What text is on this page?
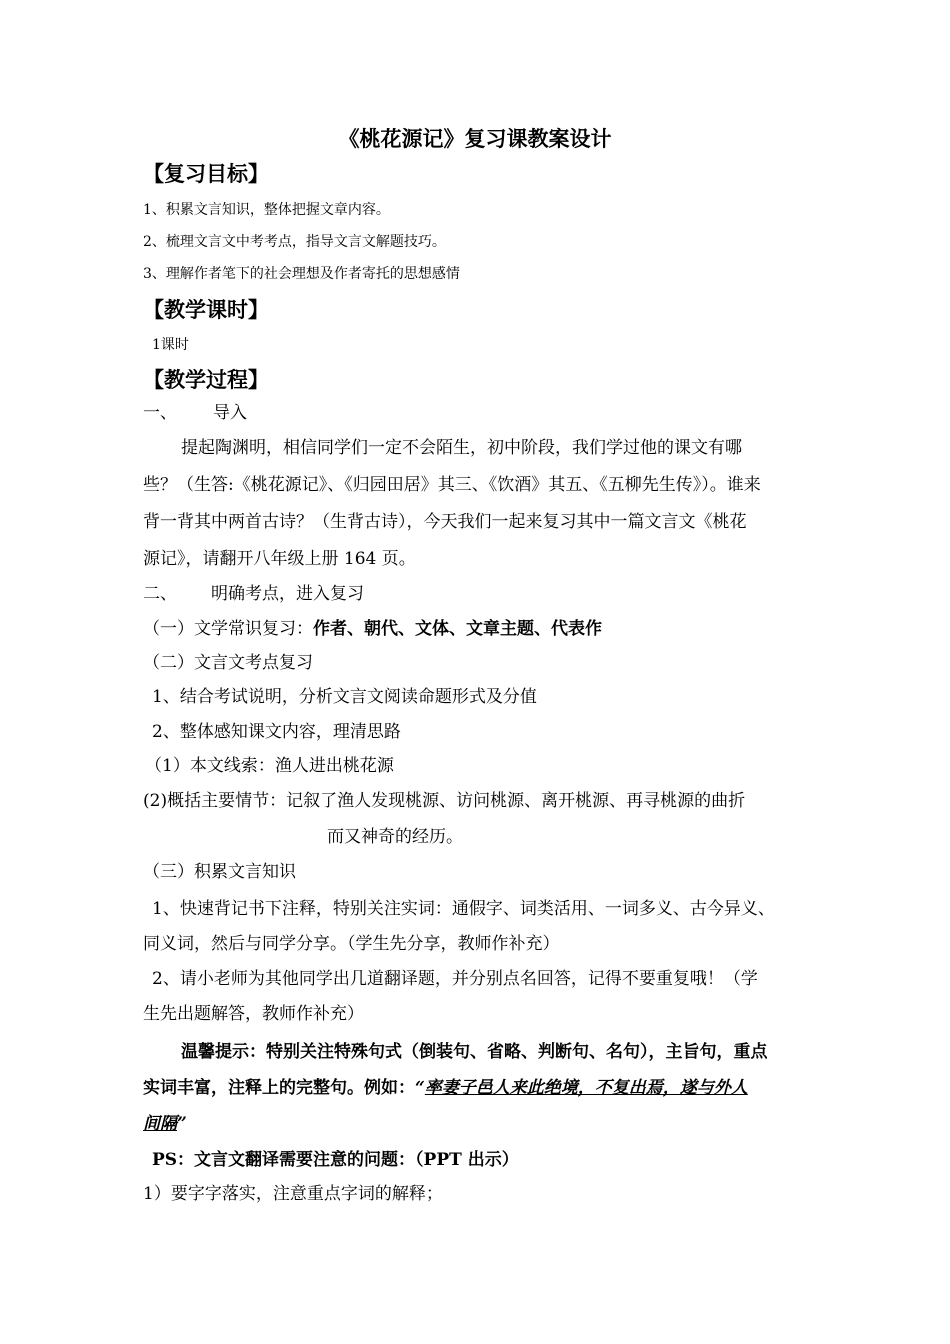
《桃花源记》复习课教案设计
【复习目标】
1、积累文言知识，整体把握文章内容。
2、梳理文言文中考考点，指导文言文解题技巧。
3、理解作者笔下的社会理想及作者寄托的思想感情
【教学课时】
1课时
【教学过程】
一、 导入
提起陶渊明，相信同学们一定不会陌生，初中阶段，我们学过他的课文有哪
些？（生答:《桃花源记》、《归园田居》其三、《饮酒》其五、《五柳先生传》）。谁来
背一背其中两首古诗？（生背古诗），今天我们一起来复习其中一篇文言文《桃花
源记》，请翻开八年级上册 164 页。
二、 明确考点，进入复习
（一）文学常识复习：作者、朝代、文体、文章主题、代表作
（二）文言文考点复习
1、结合考试说明，分析文言文阅读命题形式及分值
2、整体感知课文内容，理清思路
（1）本文线索：渔人进出桃花源
(2)概括主要情节：记叙了渔人发现桃源、访问桃源、离开桃源、再寻桃源的曲折
而又神奇的经历。
（三）积累文言知识
1、快速背记书下注释，特别关注实词：通假字、词类活用、一词多义、古今异义、
同义词，然后与同学分享。（学生先分享，教师作补充）
2、请小老师为其他同学出几道翻译题，并分别点名回答，记得不要重复哦！（学
生先出题解答，教师作补充）
温馨提示：特别关注特殊句式（倒装句、省略、判断句、名句），主旨句，重点
实词丰富，注释上的完整句。例如：“率妻子邑人来此绝境，不复出焉，遂与外人
间隔”
PS：文言文翻译需要注意的问题：（PPT 出示）
1）要字字落实，注意重点字词的解释；
